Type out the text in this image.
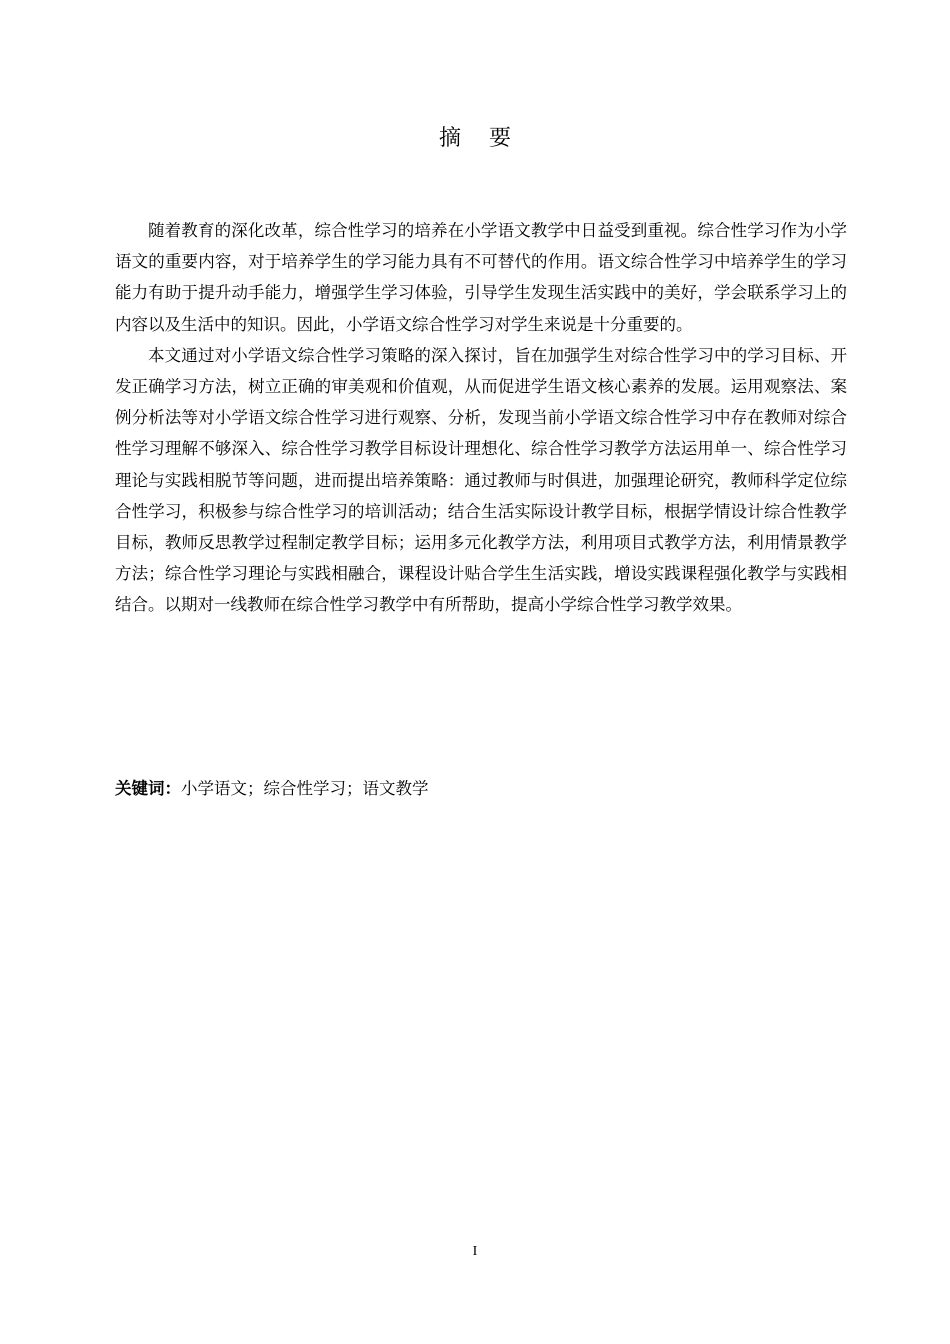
摘要

随着教育的深化改革，综合性学习的培养在小学语文教学中日益受到重视。综合性学习作为小学语文的重要内容，对于培养学生的学习能力具有不可替代的作用。语文综合性学习中培养学生的学习能力有助于提升动手能力，增强学生学习体验，引导学生发现生活实践中的美好，学会联系学习上的内容以及生活中的知识。因此，小学语文综合性学习对学生来说是十分重要的。

本文通过对小学语文综合性学习策略的深入探讨，旨在加强学生对综合性学习中的学习目标、开发正确学习方法，树立正确的审美观和价值观，从而促进学生语文核心素养的发展。运用观察法、案例分析法等对小学语文综合性学习进行观察、分析，发现当前小学语文综合性学习中存在教师对综合性学习理解不够深入、综合性学习教学目标设计理想化、综合性学习教学方法运用单一、综合性学习理论与实践相脱节等问题，进而提出培养策略：通过教师与时俱进，加强理论研究，教师科学定位综合性学习，积极参与综合性学习的培训活动；结合生活实际设计教学目标，根据学情设计综合性教学目标，教师反思教学过程制定教学目标；运用多元化教学方法，利用项目式教学方法，利用情景教学方法；综合性学习理论与实践相融合，课程设计贴合学生生活实践，增设实践课程强化教学与实践相结合。以期对一线教师在综合性学习教学中有所帮助，提高小学综合性学习教学效果。

关键词：小学语文；综合性学习；语文教学
I
